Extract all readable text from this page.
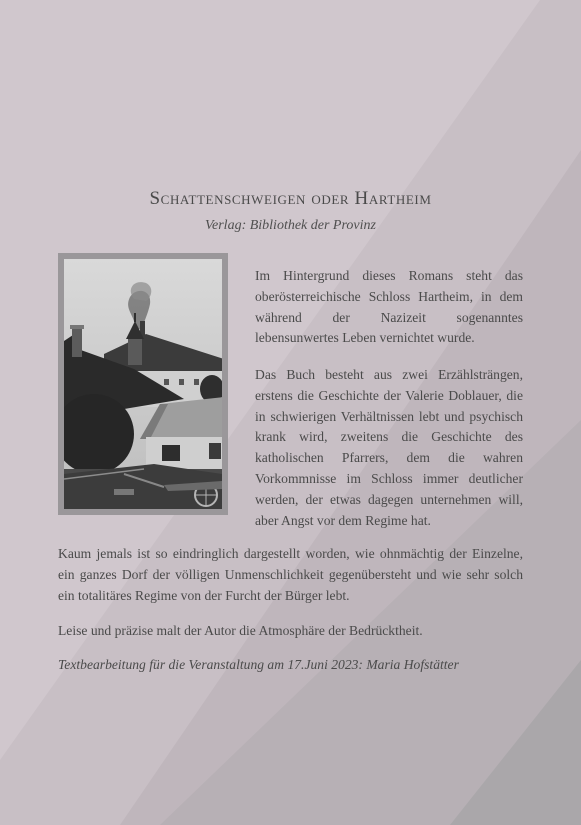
Schattenschweigen oder Hartheim
Verlag: Bibliothek der Provinz

Im Hintergrund dieses Romans steht das oberösterreichische Schloss Hartheim, in dem während der Nazizeit sogenanntes lebensunwertes Leben vernichtet wurde.

Das Buch besteht aus zwei Erzählsträngen, erstens die Geschichte der Valerie Doblauer, die in schwierigen Verhältnissen lebt und psychisch krank wird, zweitens die Geschichte des katholischen Pfarrers, dem die wahren Vorkommnisse im Schloss immer deutlicher werden, der etwas dagegen unternehmen will, aber Angst vor dem Regime hat.

Kaum jemals ist so eindringlich dargestellt worden, wie ohnmächtig der Einzelne, ein ganzes Dorf der völligen Unmenschlichkeit gegenübersteht und wie sehr solch ein totalitäres Regime von der Furcht der Bürger lebt.

Leise und präzise malt der Autor die Atmosphäre der Bedrücktheit.

Textbearbeitung für die Veranstaltung am 17.Juni 2023: Maria Hofstätter
